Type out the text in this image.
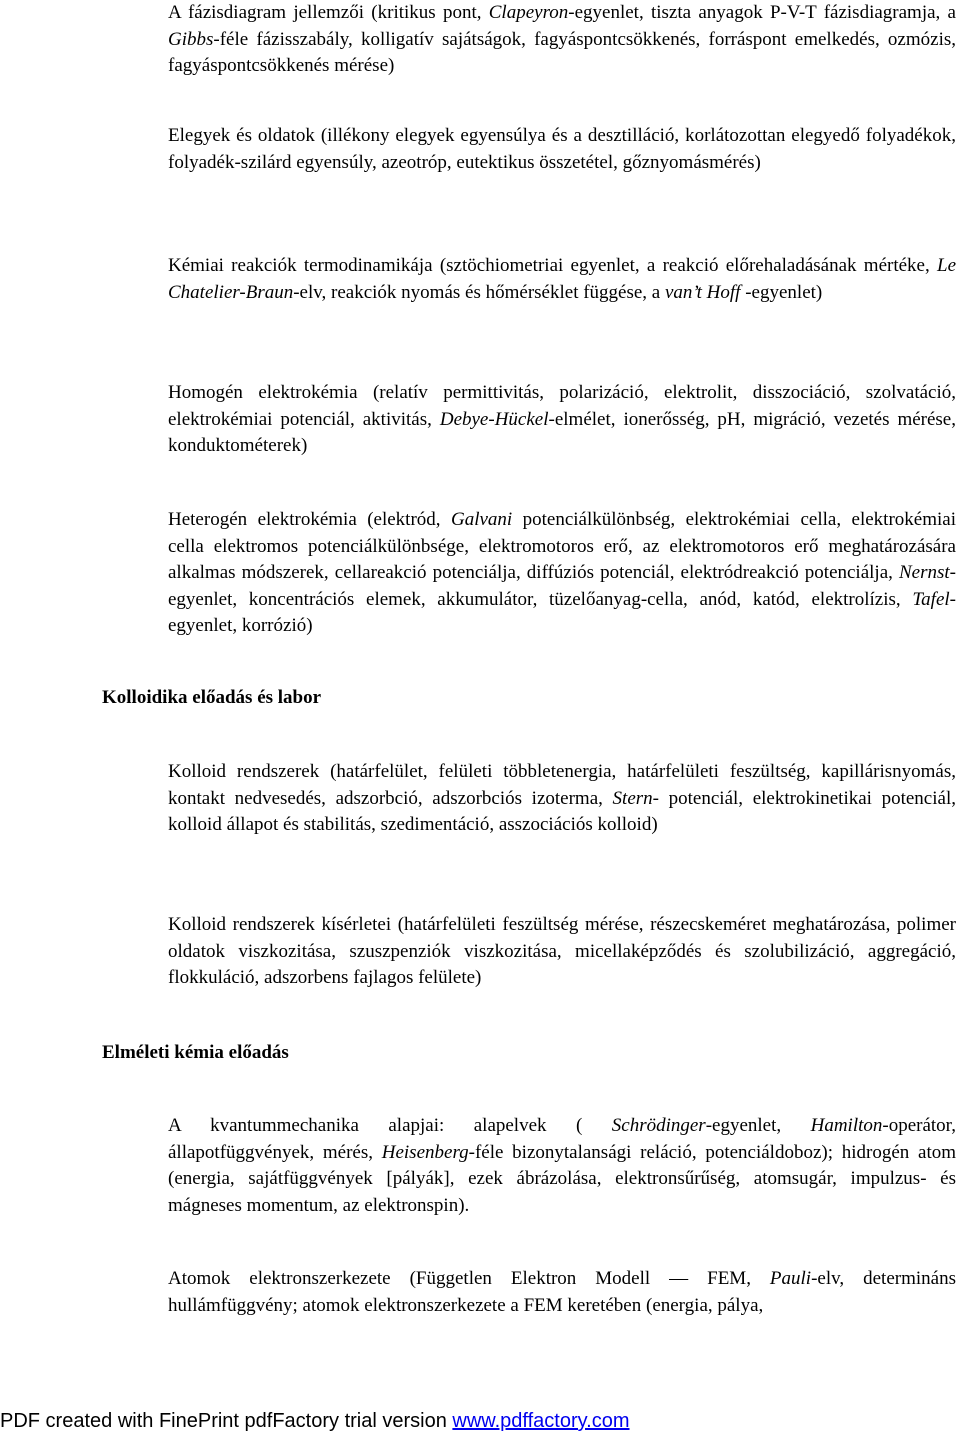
A fázisdiagram jellemzői (kritikus pont, Clapeyron-egyenlet, tiszta anyagok P-V-T fázisdiagramja, a Gibbs-féle fázisszabály, kolligatív sajátságok, fagyáspontcsökkenés, forráspont emelkedés, ozmózis, fagyáspontcsökkenés mérése)

Elegyek és oldatok (illékony elegyek egyensúlya és a desztilláció, korlátozottan elegyedő folyadékok, folyadék-szilárd egyensúly, azeotróp, eutektikus összetétel, gőznyomásmérés)

Kémiai reakciók termodinamikája (sztöchiometriai egyenlet, a reakció előrehaladásának mértéke, Le Chatelier-Braun-elv, reakciók nyomás és hőmérséklet függése, a van’t Hoff -egyenlet)

Homogén elektrokémia (relatív permittivitás, polarizáció, elektrolit, disszociáció, szolvatáció, elektrokémiai potenciál, aktivitás, Debye-Hückel-elmélet, ionerősség, pH, migráció, vezetés mérése, konduktométerek)

Heterogén elektrokémia (elektród, Galvani potenciálkülönbség, elektrokémiai cella, elektrokémiai cella elektromos potenciálkülönbsége, elektromotoros erő, az elektromotoros erő meghatározására alkalmas módszerek, cellareakció potenciálja, diffúziós potenciál, elektródreakció potenciálja, Nernst-egyenlet, koncentrációs elemek, akkumulátor, tüzelőanyag-cella, anód, katód, elektrolízis, Tafel-egyenlet, korrózió)

Kolloidika előadás és labor

Kolloid rendszerek (határfelület, felületi többletenergia, határfelületi feszültség, kapillárisnyomás, kontakt nedvesedés, adszorbció, adszorbciós izoterma, Stern- potenciál, elektrokinetikai potenciál, kolloid állapot és stabilitás, szedimentáció, asszociációs kolloid)

Kolloid rendszerek kísérletei (határfelületi feszültség mérése, részecskeméret meghatározása, polimer oldatok viszkozitása, szuszpenziók viszkozitása, micellaképződés és szolubilizáció, aggregáció, flokkuláció, adszorbens fajlagos felülete)

Elméleti kémia előadás

A kvantummechanika alapjai: alapelvek ( Schrödinger-egyenlet, Hamilton-operátor, állapotfüggvények, mérés, Heisenberg-féle bizonytalansági reláció, potenciáldoboz); hidrogén atom (energia, sajátfüggvények [pályák], ezek ábrázolása, elektronsűrűség, atomsugár, impulzus- és mágneses momentum, az elektronspin).

Atomok elektronszerkezete (Független Elektron Modell — FEM, Pauli-elv, determináns hullámfüggvény; atomok elektronszerkezete a FEM keretében (energia, pálya,

PDF created with FinePrint pdfFactory trial version www.pdffactory.com
